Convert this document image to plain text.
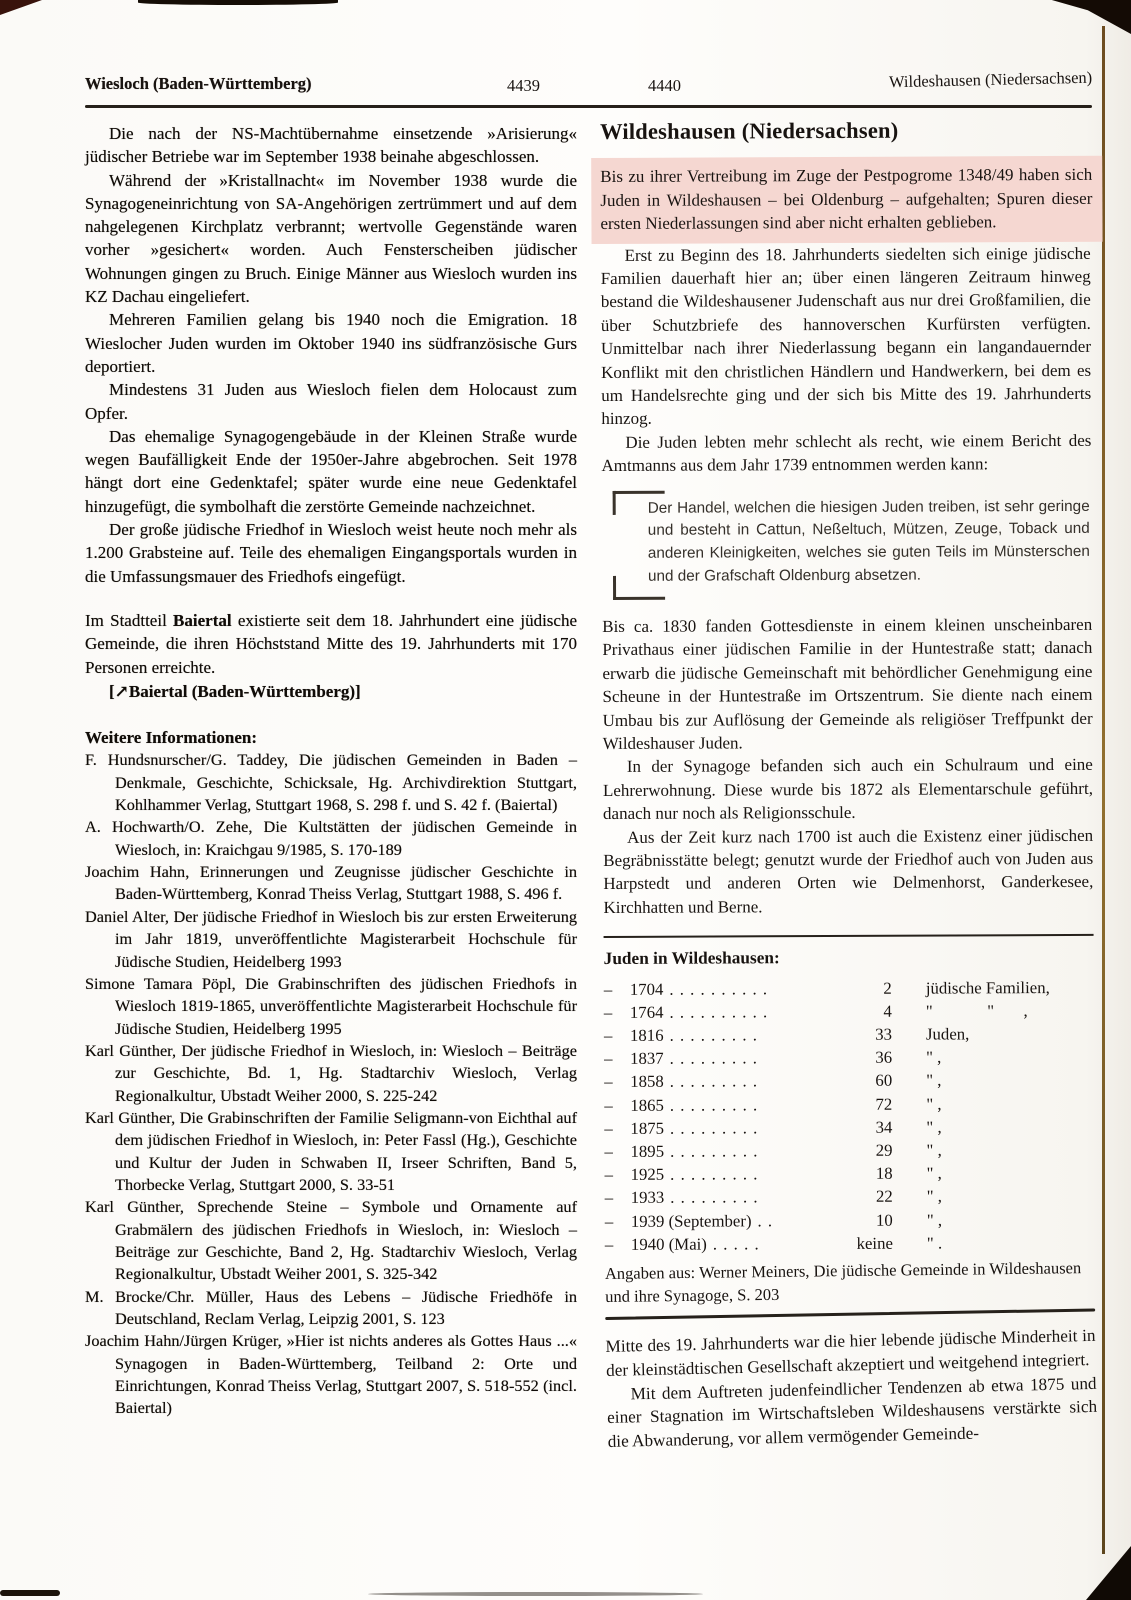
Wiesloch (Baden-Württemberg)	4439	4440	Wildeshausen (Niedersachsen)

Die nach der NS-Machtübernahme einsetzende »Arisierung« jüdischer Betriebe war im September 1938 beinahe abgeschlossen.

Während der »Kristallnacht« im November 1938 wurde die Synagogeneinrichtung von SA-Angehörigen zertrümmert und auf dem nahgelegenen Kirchplatz verbrannt; wertvolle Gegenstände waren vorher »gesichert« worden. Auch Fensterscheiben jüdischer Wohnungen gingen zu Bruch. Einige Männer aus Wiesloch wurden ins KZ Dachau eingeliefert.

Mehreren Familien gelang bis 1940 noch die Emigration. 18 Wieslocher Juden wurden im Oktober 1940 ins südfranzösische Gurs deportiert.

Mindestens 31 Juden aus Wiesloch fielen dem Holocaust zum Opfer.

Das ehemalige Synagogengebäude in der Kleinen Straße wurde wegen Baufälligkeit Ende der 1950er-Jahre abgebrochen. Seit 1978 hängt dort eine Gedenktafel; später wurde eine neue Gedenktafel hinzugefügt, die symbolhaft die zerstörte Gemeinde nachzeichnet.

Der große jüdische Friedhof in Wiesloch weist heute noch mehr als 1.200 Grabsteine auf. Teile des ehemaligen Eingangsportals wurden in die Umfassungsmauer des Friedhofs eingefügt.

Im Stadtteil Baiertal existierte seit dem 18. Jahrhundert eine jüdische Gemeinde, die ihren Höchststand Mitte des 19. Jahrhunderts mit 170 Personen erreichte.

[↗Baiertal (Baden-Württemberg)]

Weitere Informationen:

F. Hundsnurscher/G. Taddey, Die jüdischen Gemeinden in Baden – Denkmale, Geschichte, Schicksale, Hg. Archivdirektion Stuttgart, Kohlhammer Verlag, Stuttgart 1968, S. 298 f. und S. 42 f. (Baiertal)

A. Hochwarth/O. Zehe, Die Kultstätten der jüdischen Gemeinde in Wiesloch, in: Kraichgau 9/1985, S. 170-189

Joachim Hahn, Erinnerungen und Zeugnisse jüdischer Geschichte in Baden-Württemberg, Konrad Theiss Verlag, Stuttgart 1988, S. 496 f.

Daniel Alter, Der jüdische Friedhof in Wiesloch bis zur ersten Erweiterung im Jahr 1819, unveröffentlichte Magisterarbeit Hochschule für Jüdische Studien, Heidelberg 1993

Simone Tamara Pöpl, Die Grabinschriften des jüdischen Friedhofs in Wiesloch 1819-1865, unveröffentlichte Magisterarbeit Hochschule für Jüdische Studien, Heidelberg 1995

Karl Günther, Der jüdische Friedhof in Wiesloch, in: Wiesloch – Beiträge zur Geschichte, Bd. 1, Hg. Stadtarchiv Wiesloch, Verlag Regionalkultur, Ubstadt Weiher 2000, S. 225-242

Karl Günther, Die Grabinschriften der Familie Seligmann-von Eichthal auf dem jüdischen Friedhof in Wiesloch, in: Peter Fassl (Hg.), Geschichte und Kultur der Juden in Schwaben II, Irseer Schriften, Band 5, Thorbecke Verlag, Stuttgart 2000, S. 33-51

Karl Günther, Sprechende Steine – Symbole und Ornamente auf Grabmälern des jüdischen Friedhofs in Wiesloch, in: Wiesloch – Beiträge zur Geschichte, Band 2, Hg. Stadtarchiv Wiesloch, Verlag Regionalkultur, Ubstadt Weiher 2001, S. 325-342

M. Brocke/Chr. Müller, Haus des Lebens – Jüdische Friedhöfe in Deutschland, Reclam Verlag, Leipzig 2001, S. 123

Joachim Hahn/Jürgen Krüger, »Hier ist nichts anderes als Gottes Haus ...« Synagogen in Baden-Württemberg, Teilband 2: Orte und Einrichtungen, Konrad Theiss Verlag, Stuttgart 2007, S. 518-552 (incl. Baiertal)

Wildeshausen (Niedersachsen)

Bis zu ihrer Vertreibung im Zuge der Pestpogrome 1348/49 haben sich Juden in Wildeshausen – bei Oldenburg – aufgehalten; Spuren dieser ersten Niederlassungen sind aber nicht erhalten geblieben.

Erst zu Beginn des 18. Jahrhunderts siedelten sich einige jüdische Familien dauerhaft hier an; über einen längeren Zeitraum hinweg bestand die Wildeshausener Judenschaft aus nur drei Großfamilien, die über Schutzbriefe des hannoverschen Kurfürsten verfügten. Unmittelbar nach ihrer Niederlassung begann ein langandauernder Konflikt mit den christlichen Händlern und Handwerkern, bei dem es um Handelsrechte ging und der sich bis Mitte des 19. Jahrhunderts hinzog.

Die Juden lebten mehr schlecht als recht, wie einem Bericht des Amtmanns aus dem Jahr 1739 entnommen werden kann:

Der Handel, welchen die hiesigen Juden treiben, ist sehr geringe und besteht in Cattun, Neßeltuch, Mützen, Zeuge, Toback und anderen Kleinigkeiten, welches sie guten Teils im Münsterschen und der Grafschaft Oldenburg absetzen.

Bis ca. 1830 fanden Gottesdienste in einem kleinen unscheinbaren Privathaus einer jüdischen Familie in der Huntestraße statt; danach erwarb die jüdische Gemeinschaft mit behördlicher Genehmigung eine Scheune in der Huntestraße im Ortszentrum. Sie diente nach einem Umbau bis zur Auflösung der Gemeinde als religiöser Treffpunkt der Wildeshauser Juden.

In der Synagoge befanden sich auch ein Schulraum und eine Lehrerwohnung. Diese wurde bis 1872 als Elementarschule geführt, danach nur noch als Religionsschule.

Aus der Zeit kurz nach 1700 ist auch die Existenz einer jüdischen Begräbnisstätte belegt; genutzt wurde der Friedhof auch von Juden aus Harpstedt und anderen Orten wie Delmenhorst, Ganderkesee, Kirchhatten und Berne.

Juden in Wildeshausen:
–	1704 . . . . . . . . . .	2 jüdische Familien,
–	1764 . . . . . . . . . .	4 "             "       ,
–	1816 . . . . . . . . .	33 Juden,
–	1837 . . . . . . . . .	36 " ,
–	1858 . . . . . . . . .	60 " ,
–	1865 . . . . . . . . .	72 " ,
–	1875 . . . . . . . . .	34 " ,
–	1895 . . . . . . . . .	29 " ,
–	1925 . . . . . . . . .	18 " ,
–	1933 . . . . . . . . .	22 " ,
–	1939 (September) . .	10 " ,
–	1940 (Mai) . . . . .	keine " .

Angaben aus: Werner Meiners, Die jüdische Gemeinde in Wildeshausen und ihre Synagoge, S. 203

Mitte des 19. Jahrhunderts war die hier lebende jüdische Minderheit in der kleinstädtischen Gesellschaft akzeptiert und weitgehend integriert.

Mit dem Auftreten judenfeindlicher Tendenzen ab etwa 1875 und einer Stagnation im Wirtschaftsleben Wildeshausens verstärkte sich die Abwanderung, vor allem vermögender Gemeinde-
